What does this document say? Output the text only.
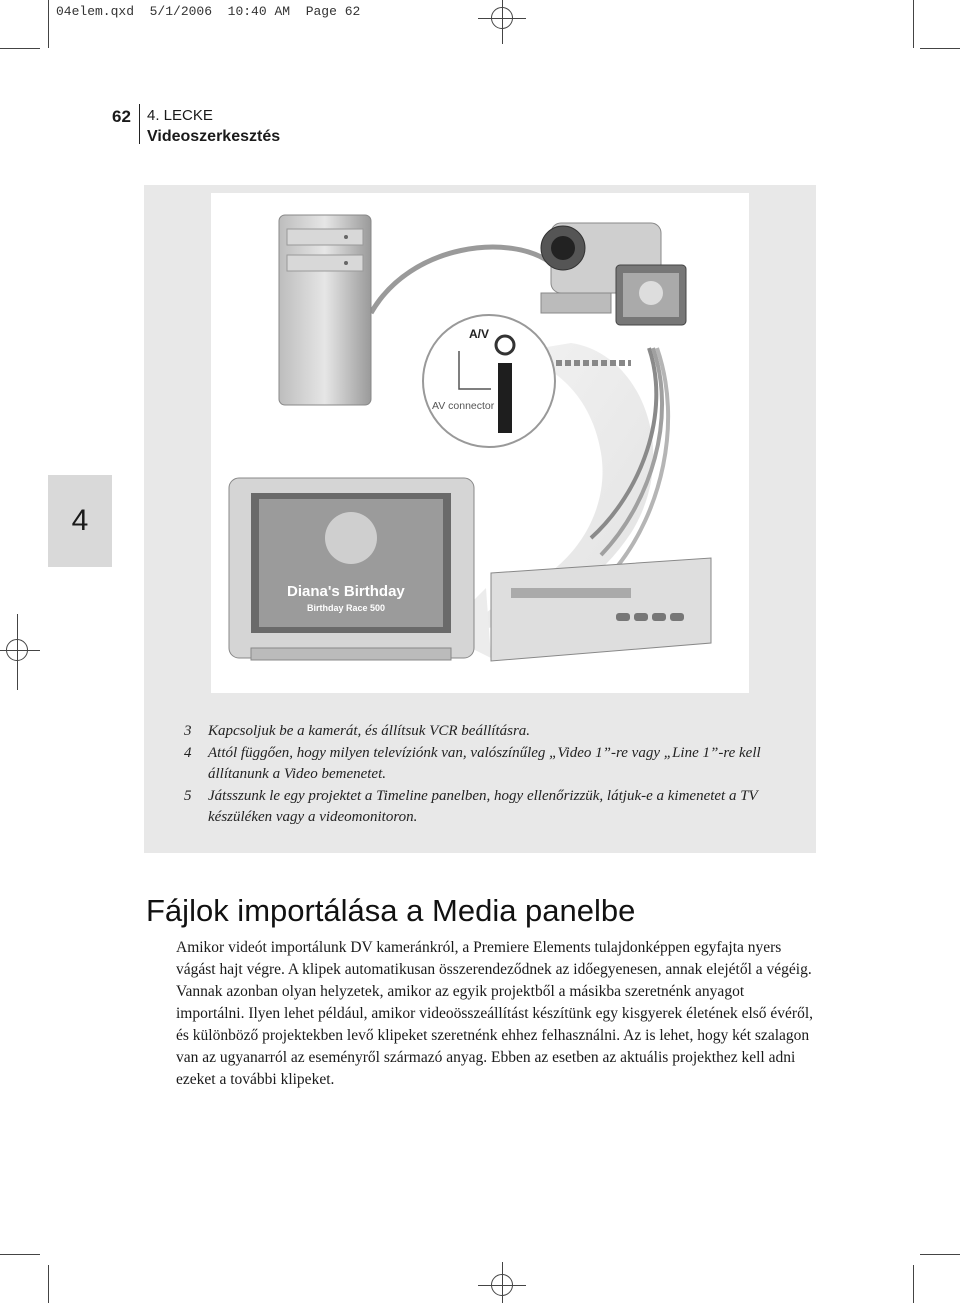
04elem.qxd 5/1/2006 10:40 AM Page 62
62 4. LECKE
Videoszerkesztés
4
A/V
AV connector
Diana's Birthday
Birthday Race 500
3	Kapcsoljuk be a kamerát, és állítsuk VCR beállításra.
4	Attól függően, hogy milyen televíziónk van, valószínűleg „Video 1”-re vagy „Line 1”-re kell állítanunk a Video bemenetet.
5	Játsszunk le egy projektet a Timeline panelben, hogy ellenőrizzük, látjuk-e a kimenetet a TV készüléken vagy a videomonitoron.
Fájlok importálása a Media panelbe
Amikor videót importálunk DV kameránkról, a Premiere Elements tulajdonképpen egyfajta nyers vágást hajt végre. A klipek automatikusan összerendeződnek az időegyenesen, annak elejétől a végéig. Vannak azonban olyan helyzetek, amikor az egyik projektből a másikba szeretnénk anyagot importálni. Ilyen lehet például, amikor videoösszeállítást készítünk egy kisgyerek életének első évéről, és különböző projektekben levő klipeket szeretnénk ehhez felhasználni. Az is lehet, hogy két szalagon van az ugyanarról az eseményről származó anyag. Ebben az esetben az aktuális projekthez kell adni ezeket a további klipeket.
